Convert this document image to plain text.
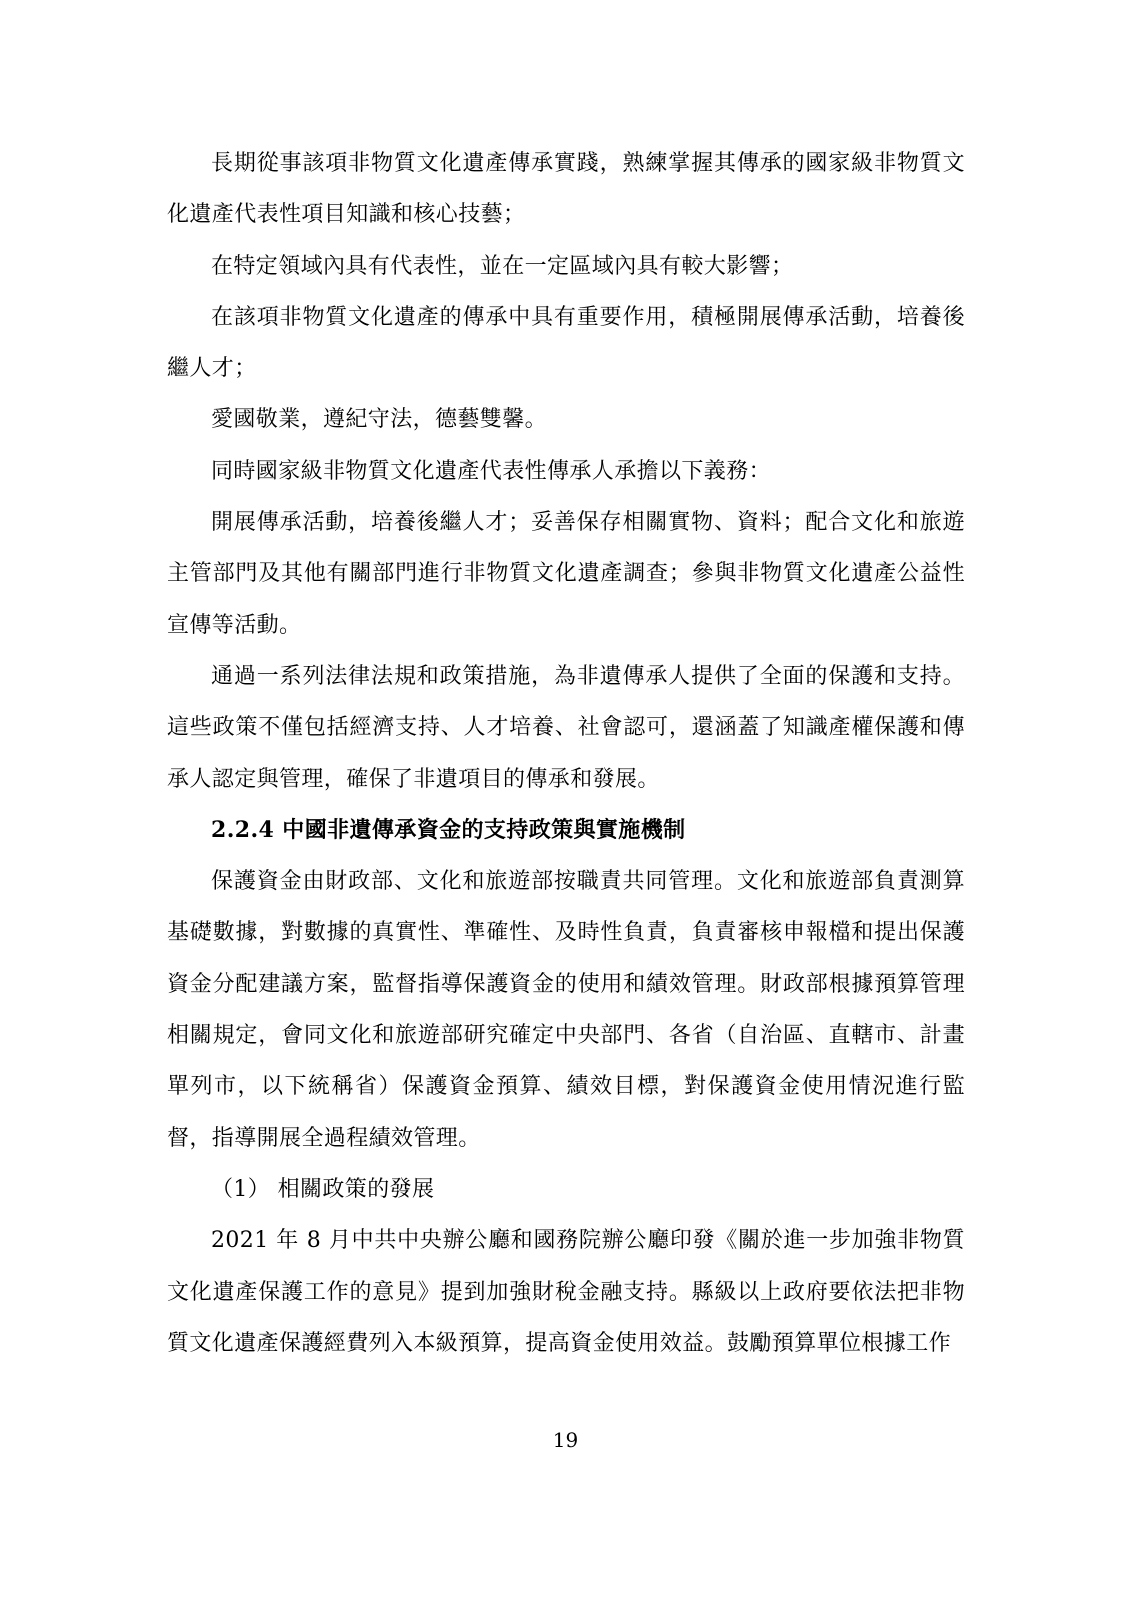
長期從事該項非物質文化遺產傳承實踐，熟練掌握其傳承的國家級非物質文化遺產代表性項目知識和核心技藝；

在特定領域內具有代表性，並在一定區域內具有較大影響；

在該項非物質文化遺產的傳承中具有重要作用，積極開展傳承活動，培養後繼人才；

愛國敬業，遵紀守法，德藝雙馨。

同時國家級非物質文化遺產代表性傳承人承擔以下義務：

開展傳承活動，培養後繼人才；妥善保存相關實物、資料；配合文化和旅遊主管部門及其他有關部門進行非物質文化遺產調查；參與非物質文化遺產公益性宣傳等活動。

通過一系列法律法規和政策措施，為非遺傳承人提供了全面的保護和支持。這些政策不僅包括經濟支持、人才培養、社會認可，還涵蓋了知識產權保護和傳承人認定與管理，確保了非遺項目的傳承和發展。

2.2.4 中國非遺傳承資金的支持政策與實施機制

保護資金由財政部、文化和旅遊部按職責共同管理。文化和旅遊部負責測算基礎數據，對數據的真實性、準確性、及時性負責，負責審核申報檔和提出保護資金分配建議方案，監督指導保護資金的使用和績效管理。財政部根據預算管理相關規定，會同文化和旅遊部研究確定中央部門、各省（自治區、直轄市、計畫單列市，以下統稱省）保護資金預算、績效目標，對保護資金使用情況進行監督，指導開展全過程績效管理。

（1） 相關政策的發展

2021 年 8 月中共中央辦公廳和國務院辦公廳印發《關於進一步加強非物質文化遺產保護工作的意見》提到加強財稅金融支持。縣級以上政府要依法把非物質文化遺產保護經費列入本級預算，提高資金使用效益。鼓勵預算單位根據工作

19
